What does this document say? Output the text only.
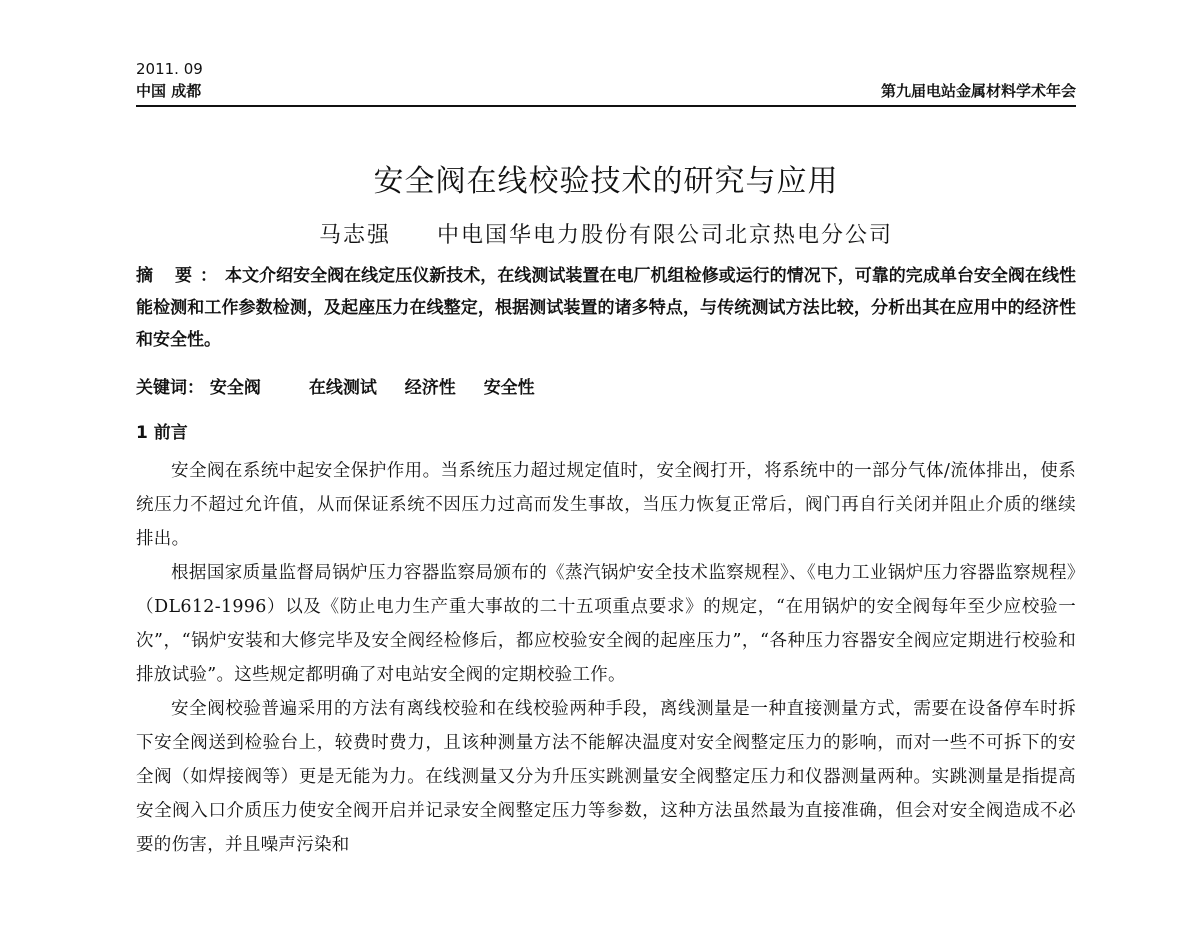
2011. 09
中国 成都	第九届电站金属材料学术年会
安全阀在线校验技术的研究与应用
马志强 中电国华电力股份有限公司北京热电分公司
摘 要：本文介绍安全阀在线定压仪新技术，在线测试装置在电厂机组检修或运行的情况下，可靠的完成单台安全阀在线性能检测和工作参数检测，及起座压力在线整定，根据测试装置的诸多特点，与传统测试方法比较，分析出其在应用中的经济性和安全性。
关键词： 安全阀	在线测试 经济性 安全性
1 前言

安全阀在系统中起安全保护作用。当系统压力超过规定值时，安全阀打开，将系统中的一部分气体/流体排出，使系统压力不超过允许值，从而保证系统不因压力过高而发生事故，当压力恢复正常后，阀门再自行关闭并阻止介质的继续排出。

根据国家质量监督局锅炉压力容器监察局颁布的《蒸汽锅炉安全技术监察规程》、《电力工业锅炉压力容器监察规程》（DL612-1996）以及《防止电力生产重大事故的二十五项重点要求》的规定，“在用锅炉的安全阀每年至少应校验一次”，“锅炉安装和大修完毕及安全阀经检修后，都应校验安全阀的起座压力”，“各种压力容器安全阀应定期进行校验和排放试验”。这些规定都明确了对电站安全阀的定期校验工作。

安全阀校验普遍采用的方法有离线校验和在线校验两种手段，离线测量是一种直接测量方式，需要在设备停车时拆下安全阀送到检验台上，较费时费力，且该种测量方法不能解决温度对安全阀整定压力的影响，而对一些不可拆下的安全阀（如焊接阀等）更是无能为力。在线测量又分为升压实跳测量安全阀整定压力和仪器测量两种。实跳测量是指提高安全阀入口介质压力使安全阀开启并记录安全阀整定压力等参数，这种方法虽然最为直接准确，但会对安全阀造成不必要的伤害，并且噪声污染和
